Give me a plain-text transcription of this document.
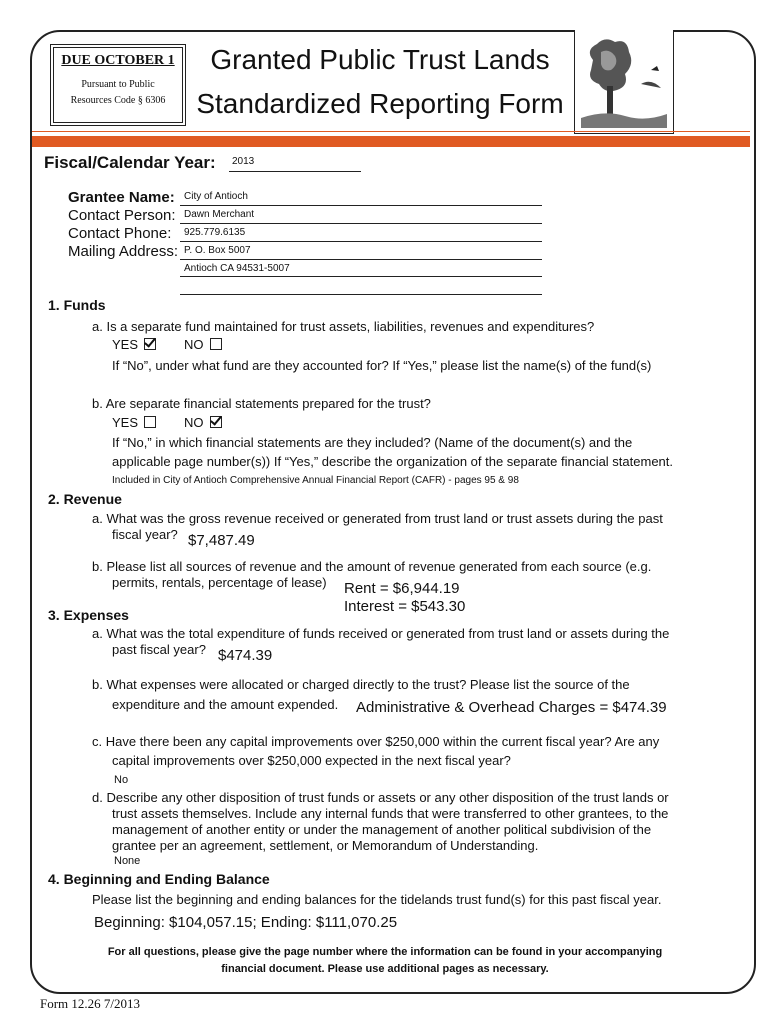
DUE OCTOBER 1
Pursuant to Public
Resources Code § 6306
Granted Public Trust Lands
Standardized Reporting Form
Fiscal/Calendar Year: 2013
Grantee Name: City of Antioch
Contact Person: Dawn Merchant
Contact Phone: 925.779.6135
Mailing Address: P. O. Box 5007
Antioch CA 94531-5007
1. Funds
a. Is a separate fund maintained for trust assets, liabilities, revenues and expenditures?
YES	NO
If “No”, under what fund are they accounted for? If “Yes,” please list the name(s) of the fund(s)
b. Are separate financial statements prepared for the trust?
YES	NO
If “No,” in which financial statements are they included? (Name of the document(s) and the
applicable page number(s)) If “Yes,” describe the organization of the separate financial statement.
Included in City of Antioch Comprehensive Annual Financial Report (CAFR) - pages 95 & 98
2. Revenue
a. What was the gross revenue received or generated from trust land or trust assets during the past
fiscal year? $7,487.49
b. Please list all sources of revenue and the amount of revenue generated from each source (e.g.
permits, rentals, percentage of lease) Rent = $6,944.19
Interest = $543.30
3. Expenses
a. What was the total expenditure of funds received or generated from trust land or assets during the
past fiscal year? $474.39
b. What expenses were allocated or charged directly to the trust? Please list the source of the
expenditure and the amount expended. Administrative & Overhead Charges = $474.39
c. Have there been any capital improvements over $250,000 within the current fiscal year? Are any
capital improvements over $250,000 expected in the next fiscal year?
No
d. Describe any other disposition of trust funds or assets or any other disposition of the trust lands or
trust assets themselves. Include any internal funds that were transferred to other grantees, to the
management of another entity or under the management of another political subdivision of the
grantee per an agreement, settlement, or Memorandum of Understanding.
None
4. Beginning and Ending Balance
Please list the beginning and ending balances for the tidelands trust fund(s) for this past fiscal year.
Beginning: $104,057.15; Ending: $111,070.25
For all questions, please give the page number where the information can be found in your accompanying
financial document. Please use additional pages as necessary.
Form 12.26 7/2013
